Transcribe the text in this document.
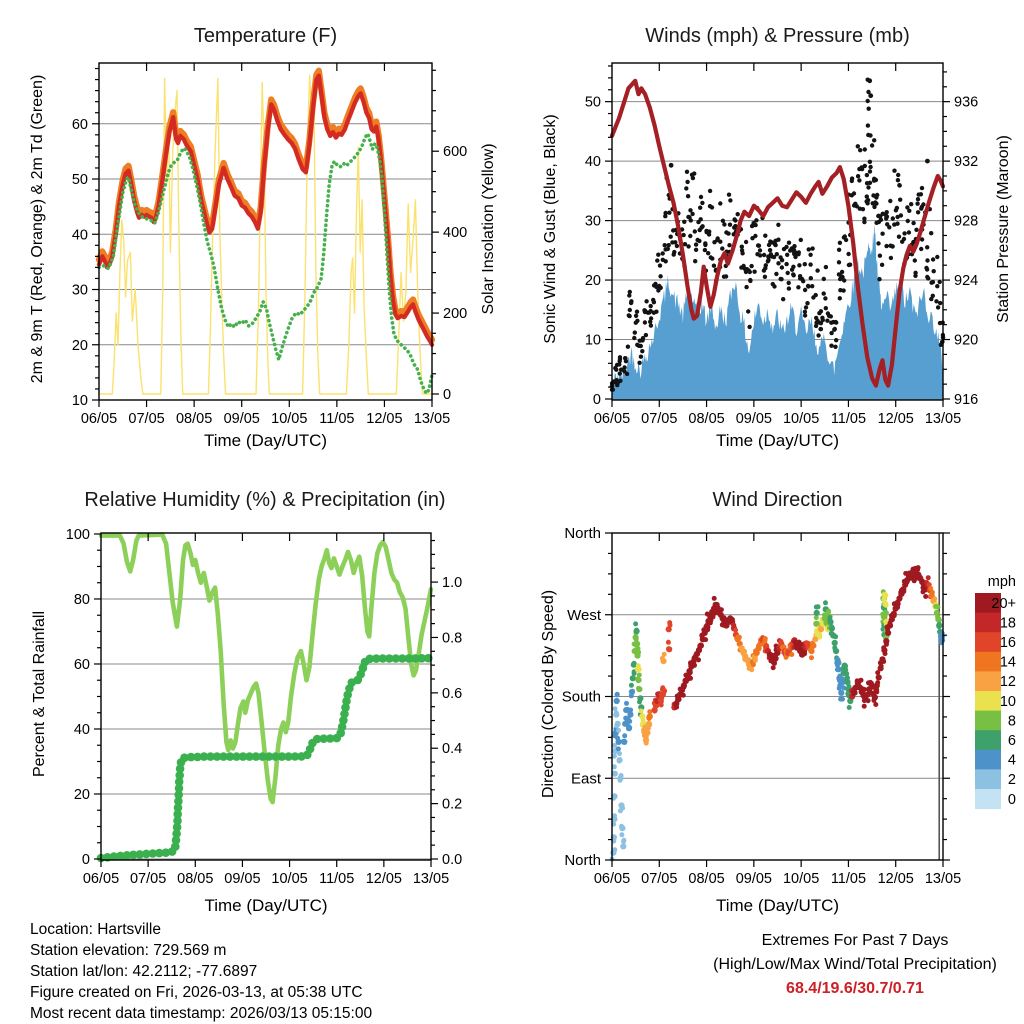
06/05 07/05 08/05 09/05 10/05 11/05 12/05 13/05
10
20
30
40
50
60
0
200
400
600
06/05 07/05 08/05 09/05 10/05 11/05 12/05 13/05
0
10
20
30
40
50
916
920
924
928
932
936
06/05 07/05 08/05 09/05 10/05 11/05 12/05 13/05
0
20
40
60
80
100
0.0
0.2
0.4
0.6
0.8
1.0
06/05 07/05 08/05 09/05 10/05 11/05 12/05 13/05
North
West
South
East
North
20+
18
16
14
12
10
8
6
4
2
0
mph
Temperature (F)	Winds (mph) & Pressure (mb)
Relative Humidity (%) & Precipitation (in)	Wind Direction
2m & 9m T (Red, Orange) & 2m Td (Green)	Solar Insolation (Yellow)	Sonic Wind & Gust (Blue, Black)	Station Pressure (Maroon)
Percent & Total Rainfall	Direction (Colored By Speed)
Time (Day/UTC)	Time (Day/UTC)
Time (Day/UTC)	Time (Day/UTC)
Location: Hartsville
Station elevation: 729.569 m
Station lat/lon: 42.2112; -77.6897
Figure created on Fri, 2026-03-13, at 05:38 UTC
Most recent data timestamp: 2026/03/13 05:15:00
Extremes For Past 7 Days
(High/Low/Max Wind/Total Precipitation)
68.4/19.6/30.7/0.71
